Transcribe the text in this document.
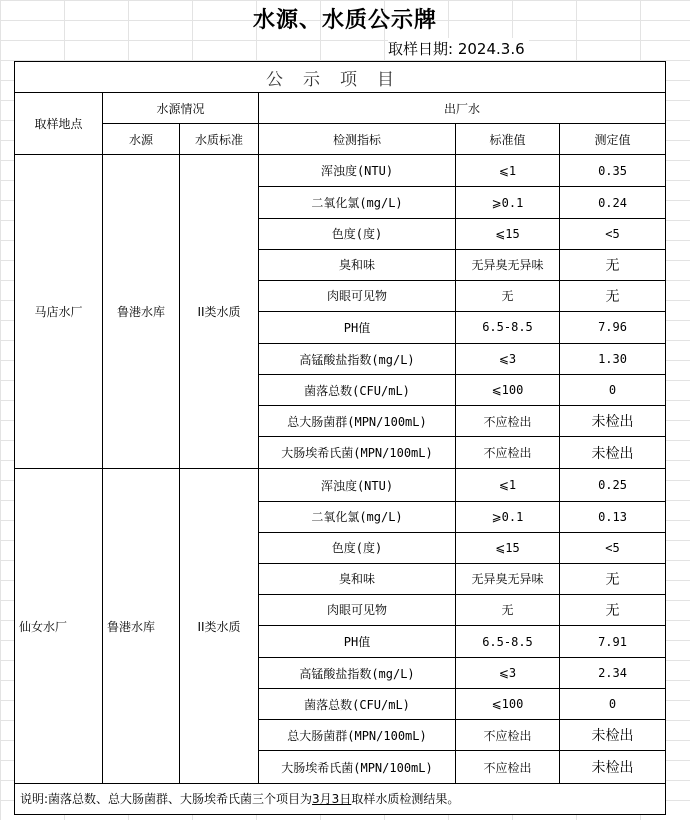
水源、水质公示牌
取样日期: 2024.3.6
公示项目					
取样地点	水源情况		出厂水		
	水源	水质标准	检测指标	标准值	测定值
马店水厂	鲁港水库	II类水质	浑浊度(NTU)	⩽1	0.35
			二氧化氯(mg/L)	⩾0.1	0.24
			色度(度)	⩽15	<5
			臭和味	无异臭无异味	无
			肉眼可见物	无	无
			PH值	6.5-8.5	7.96
			高锰酸盐指数(mg/L)	⩽3	1.30
			菌落总数(CFU/mL)	⩽100	0
			总大肠菌群(MPN/100mL)	不应检出	未检出
			大肠埃希氏菌(MPN/100mL)	不应检出	未检出
仙女水厂	鲁港水库	II类水质	浑浊度(NTU)	⩽1	0.25
			二氧化氯(mg/L)	⩾0.1	0.13
			色度(度)	⩽15	<5
			臭和味	无异臭无异味	无
			肉眼可见物	无	无
			PH值	6.5-8.5	7.91
			高锰酸盐指数(mg/L)	⩽3	2.34
			菌落总数(CFU/mL)	⩽100	0
			总大肠菌群(MPN/100mL)	不应检出	未检出
			大肠埃希氏菌(MPN/100mL)	不应检出	未检出
说明:菌落总数、总大肠菌群、大肠埃希氏菌三个项目为3月3日取样水质检测结果。					
